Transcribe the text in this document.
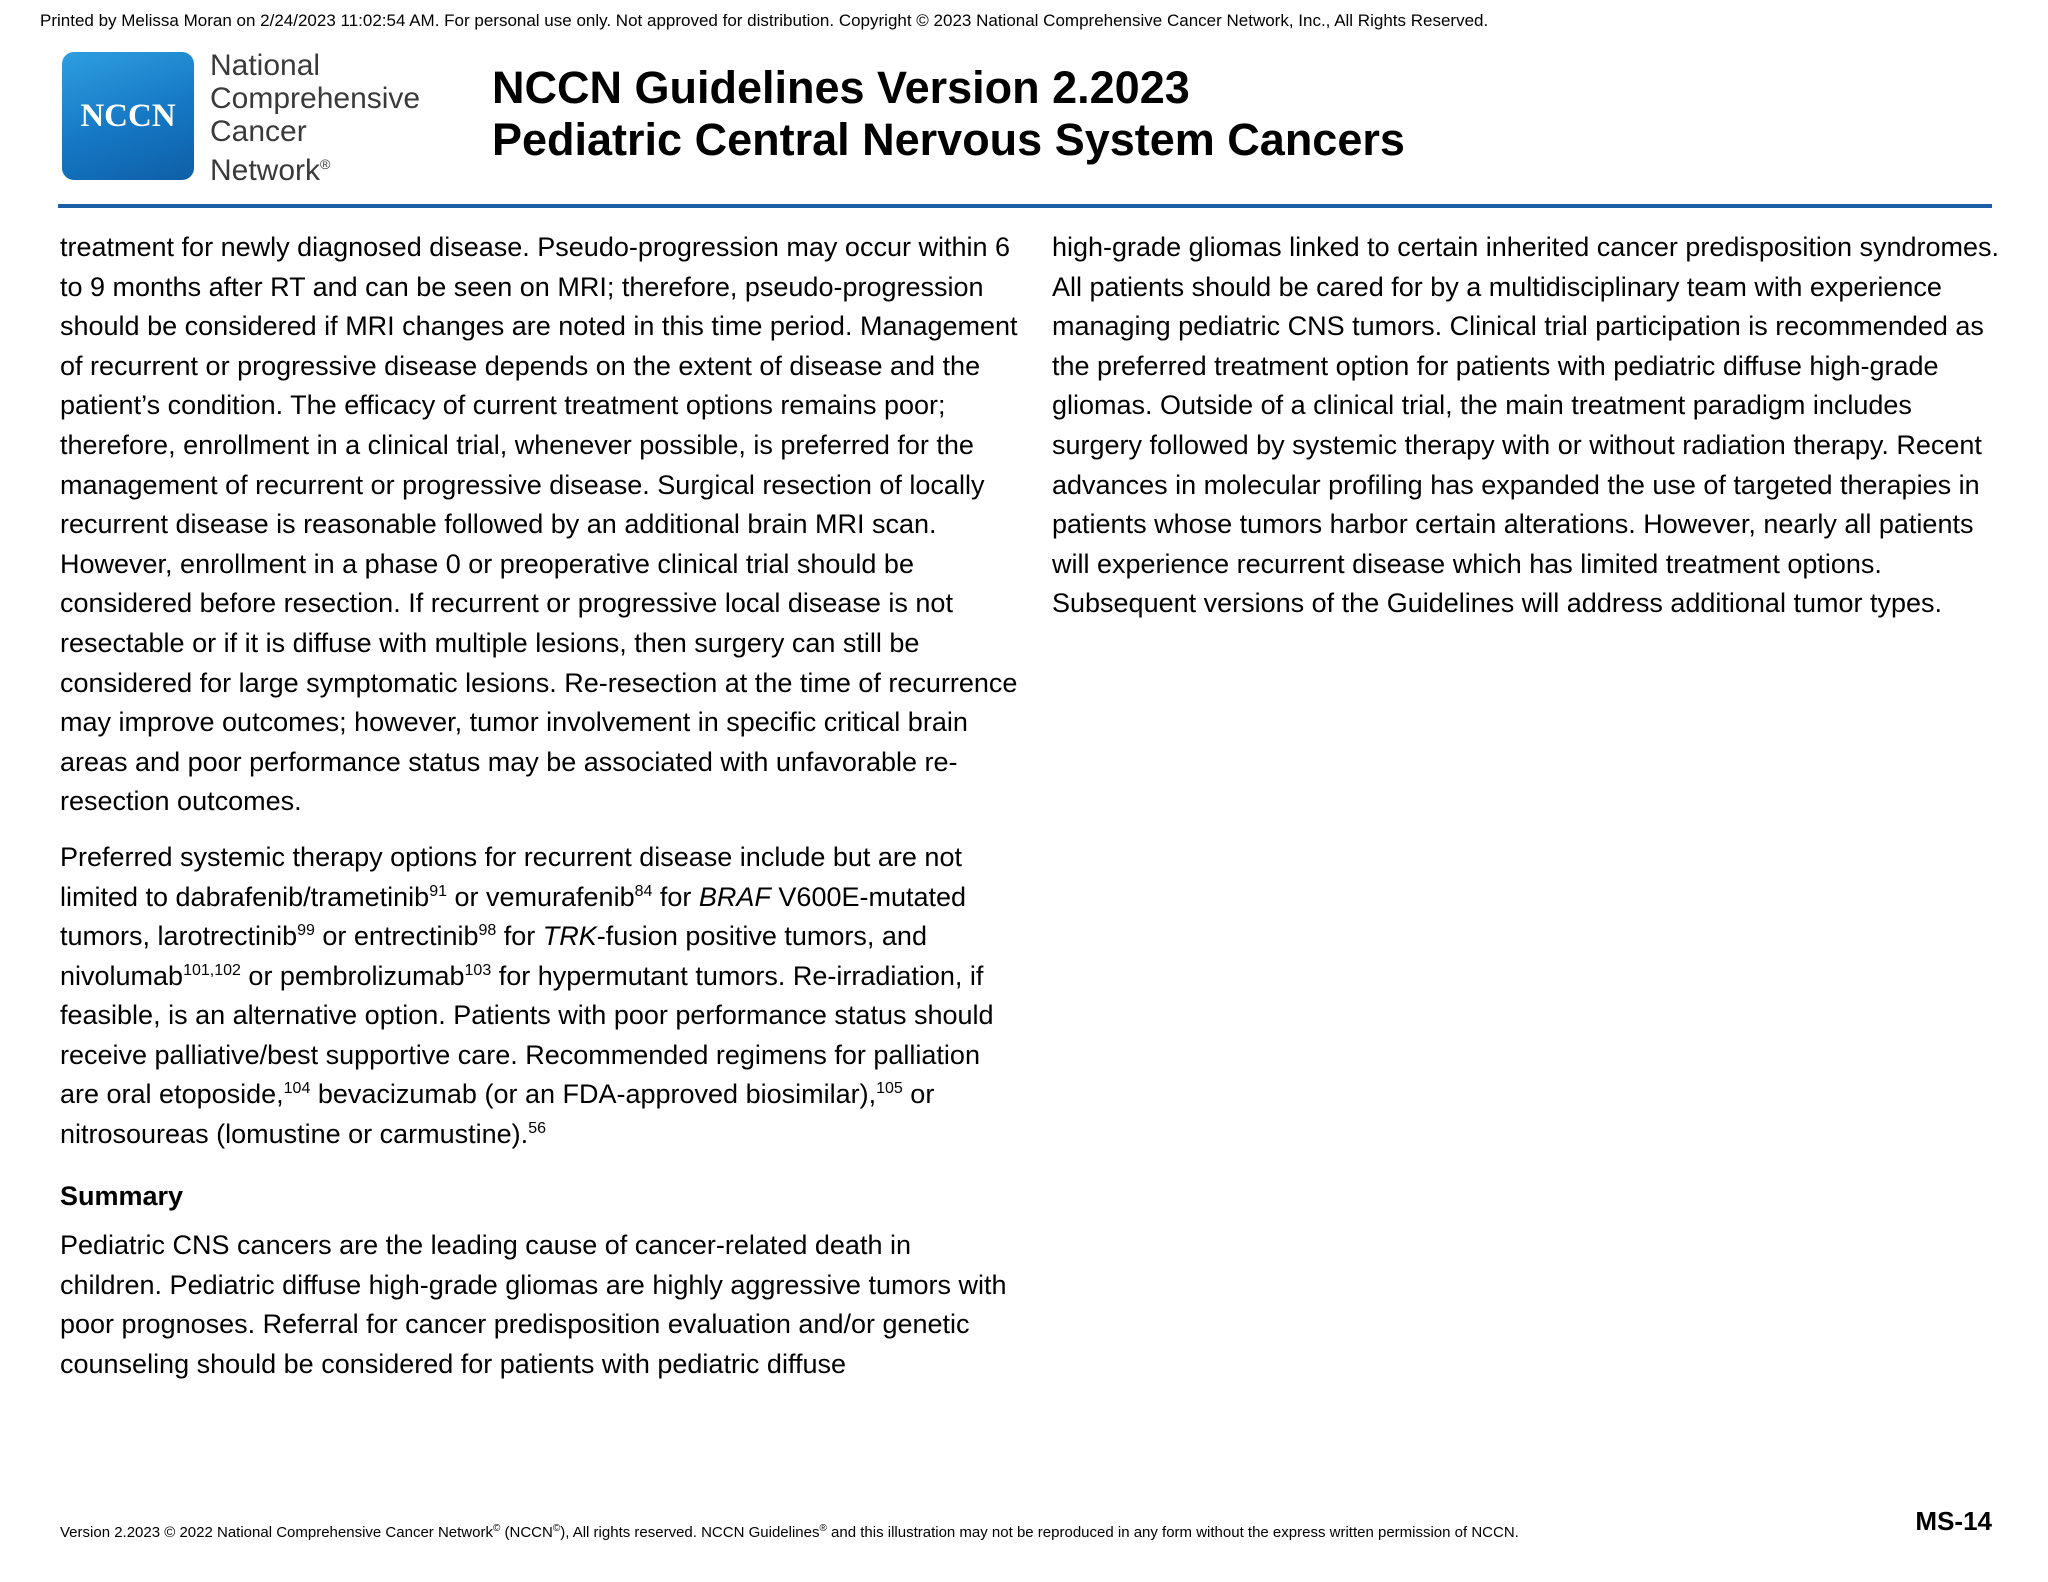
Printed by Melissa Moran on 2/24/2023 11:02:54 AM. For personal use only. Not approved for distribution. Copyright © 2023 National Comprehensive Cancer Network, Inc., All Rights Reserved.
NCCN
National
Comprehensive
Cancer
Network®
NCCN Guidelines Version 2.2023
Pediatric Central Nervous System Cancers

treatment for newly diagnosed disease. Pseudo-progression may occur within 6 to 9 months after RT and can be seen on MRI; therefore, pseudo-progression should be considered if MRI changes are noted in this time period. Management of recurrent or progressive disease depends on the extent of disease and the patient’s condition. The efficacy of current treatment options remains poor; therefore, enrollment in a clinical trial, whenever possible, is preferred for the management of recurrent or progressive disease. Surgical resection of locally recurrent disease is reasonable followed by an additional brain MRI scan. However, enrollment in a phase 0 or preoperative clinical trial should be considered before resection. If recurrent or progressive local disease is not resectable or if it is diffuse with multiple lesions, then surgery can still be considered for large symptomatic lesions. Re-resection at the time of recurrence may improve outcomes; however, tumor involvement in specific critical brain areas and poor performance status may be associated with unfavorable re-resection outcomes.

Preferred systemic therapy options for recurrent disease include but are not limited to dabrafenib/trametinib$^{91}$ or vemurafenib$^{84}$ for BRAF V600E-mutated tumors, larotrectinib$^{99}$ or entrectinib$^{98}$ for TRK-fusion positive tumors, and nivolumab$^{101,102}$ or pembrolizumab$^{103}$ for hypermutant tumors. Re-irradiation, if feasible, is an alternative option. Patients with poor performance status should receive palliative/best supportive care. Recommended regimens for palliation are oral etoposide,$^{104}$ bevacizumab (or an FDA-approved biosimilar),$^{105}$ or nitrosoureas (lomustine or carmustine).$^{56}$

Summary

Pediatric CNS cancers are the leading cause of cancer-related death in children. Pediatric diffuse high-grade gliomas are highly aggressive tumors with poor prognoses. Referral for cancer predisposition evaluation and/or genetic counseling should be considered for patients with pediatric diffuse

high-grade gliomas linked to certain inherited cancer predisposition syndromes. All patients should be cared for by a multidisciplinary team with experience managing pediatric CNS tumors. Clinical trial participation is recommended as the preferred treatment option for patients with pediatric diffuse high-grade gliomas. Outside of a clinical trial, the main treatment paradigm includes surgery followed by systemic therapy with or without radiation therapy. Recent advances in molecular profiling has expanded the use of targeted therapies in patients whose tumors harbor certain alterations. However, nearly all patients will experience recurrent disease which has limited treatment options. Subsequent versions of the Guidelines will address additional tumor types.

Version 2.2023 © 2022 National Comprehensive Cancer Network© (NCCN©), All rights reserved. NCCN Guidelines® and this illustration may not be reproduced in any form without the express written permission of NCCN.	MS-14
